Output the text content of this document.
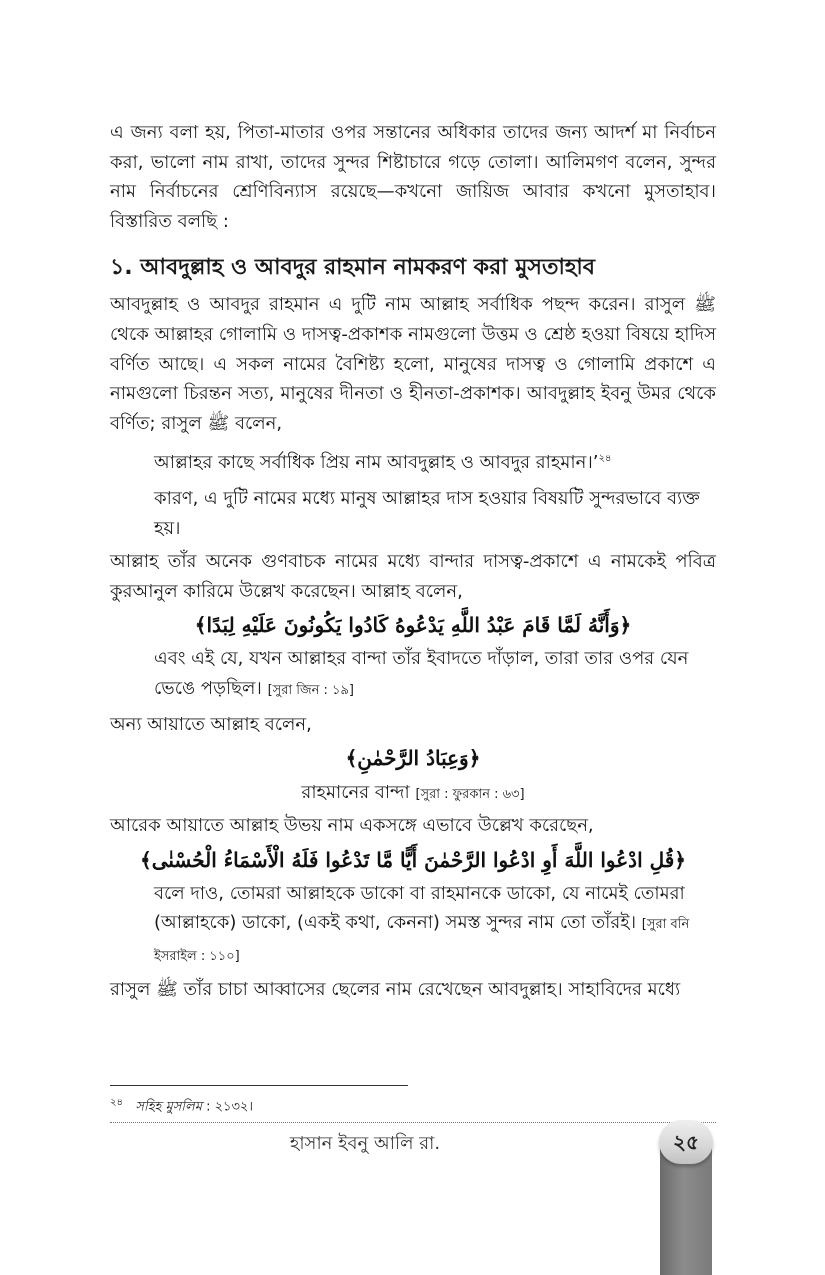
এ জন্য বলা হয়, পিতা-মাতার ওপর সন্তানের অধিকার তাদের জন্য আদর্শ মা নির্বাচন করা, ভালো নাম রাখা, তাদের সুন্দর শিষ্টাচারে গড়ে তোলা। আলিমগণ বলেন, সুন্দর নাম নির্বাচনের শ্রেণিবিন্যাস রয়েছে—কখনো জায়িজ আবার কখনো মুসতাহাব। বিস্তারিত বলছি :

১. আবদুল্লাহ ও আবদুর রাহমান নামকরণ করা মুসতাহাব

আবদুল্লাহ ও আবদুর রাহমান এ দুটি নাম আল্লাহ সর্বাধিক পছন্দ করেন। রাসুল ﷺ থেকে আল্লাহর গোলামি ও দাসত্ব-প্রকাশক নামগুলো উত্তম ও শ্রেষ্ঠ হওয়া বিষয়ে হাদিস বর্ণিত আছে। এ সকল নামের বৈশিষ্ট্য হলো, মানুষের দাসত্ব ও গোলামি প্রকাশে এ নামগুলো চিরন্তন সত্য, মানুষের দীনতা ও হীনতা-প্রকাশক। আবদুল্লাহ ইবনু উমর থেকে বর্ণিত; রাসুল ﷺ বলেন,

আল্লাহর কাছে সর্বাধিক প্রিয় নাম আবদুল্লাহ ও আবদুর রাহমান।’$^{২৪}$

কারণ, এ দুটি নামের মধ্যে মানুষ আল্লাহর দাস হওয়ার বিষয়টি সুন্দরভাবে ব্যক্ত হয়।

আল্লাহ তাঁর অনেক গুণবাচক নামের মধ্যে বান্দার দাসত্ব-প্রকাশে এ নামকেই পবিত্র কুরআনুল কারিমে উল্লেখ করেছেন। আল্লাহ বলেন,

﴿وَأَنَّهُ لَمَّا قَامَ عَبْدُ اللَّهِ يَدْعُوهُ كَادُوا يَكُونُونَ عَلَيْهِ لِبَدًا﴾

এবং এই যে, যখন আল্লাহর বান্দা তাঁর ইবাদতে দাঁড়াল, তারা তার ওপর যেন ভেঙে পড়ছিল। [সুরা জিন : ১৯]

অন্য আয়াতে আল্লাহ বলেন,

﴿وَعِبَادُ الرَّحْمٰنِ﴾

রাহমানের বান্দা [সুরা : ফুরকান : ৬৩]

আরেক আয়াতে আল্লাহ উভয় নাম একসঙ্গে এভাবে উল্লেখ করেছেন,

﴿قُلِ ادْعُوا اللَّهَ أَوِ ادْعُوا الرَّحْمٰنَ أَيًّا مَّا تَدْعُوا فَلَهُ الْأَسْمَاءُ الْحُسْنٰى﴾

বলে দাও, তোমরা আল্লাহকে ডাকো বা রাহমানকে ডাকো, যে নামেই তোমরা (আল্লাহকে) ডাকো, (একই কথা, কেননা) সমস্ত সুন্দর নাম তো তাঁরই। [সুরা বনি ইসরাইল : ১১০]

রাসুল ﷺ তাঁর চাচা আব্বাসের ছেলের নাম রেখেছেন আবদুল্লাহ। সাহাবিদের মধ্যে

$^{২৪}$ সহিহ মুসলিম : ২১৩২।
হাসান ইবনু আলি রা.	২৫
